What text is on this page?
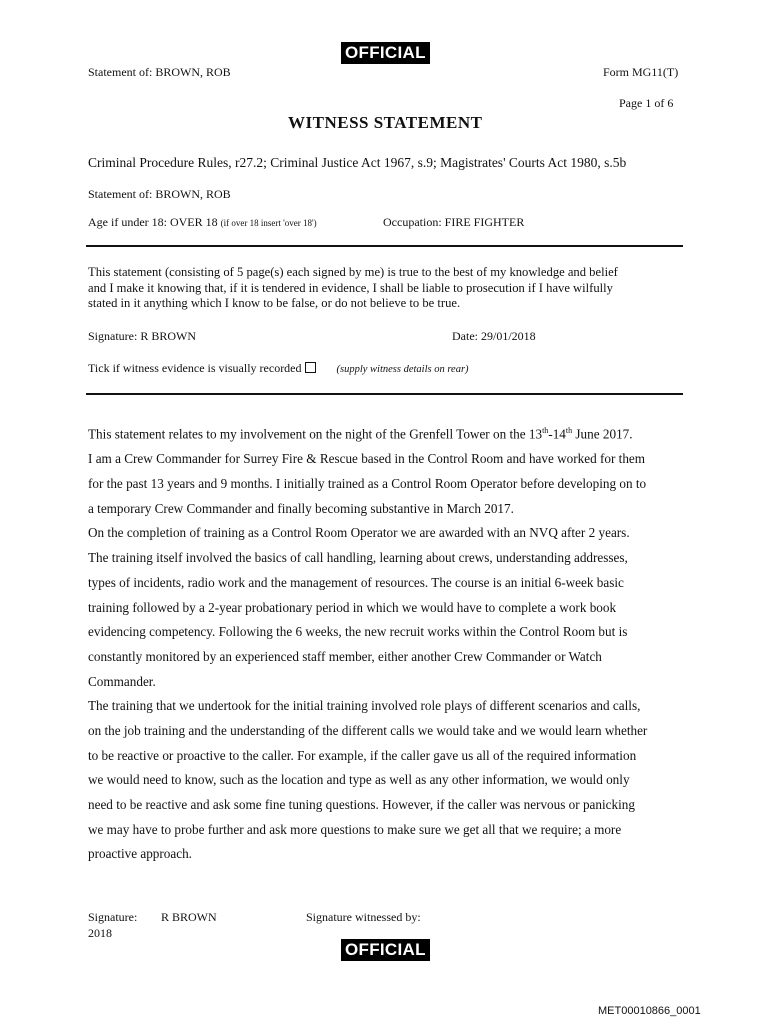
OFFICIAL
Statement of: BROWN, ROB	Form MG11(T)
Page 1 of 6
WITNESS STATEMENT
Criminal Procedure Rules, r27.2; Criminal Justice Act 1967, s.9; Magistrates' Courts Act 1980, s.5b
Statement of: BROWN, ROB
Age if under 18: OVER 18 (if over 18 insert 'over 18')	Occupation: FIRE FIGHTER
This statement (consisting of 5 page(s) each signed by me) is true to the best of my knowledge and belief
and I make it knowing that, if it is tendered in evidence, I shall be liable to prosecution if I have wilfully
stated in it anything which I know to be false, or do not believe to be true.
Signature: R BROWN	Date: 29/01/2018
Tick if witness evidence is visually recorded	(supply witness details on rear)
This statement relates to my involvement on the night of the Grenfell Tower on the 13th-14th June 2017.
I am a Crew Commander for Surrey Fire & Rescue based in the Control Room and have worked for them
for the past 13 years and 9 months. I initially trained as a Control Room Operator before developing on to
a temporary Crew Commander and finally becoming substantive in March 2017.
On the completion of training as a Control Room Operator we are awarded with an NVQ after 2 years.
The training itself involved the basics of call handling, learning about crews, understanding addresses,
types of incidents, radio work and the management of resources. The course is an initial 6-week basic
training followed by a 2-year probationary period in which we would have to complete a work book
evidencing competency. Following the 6 weeks, the new recruit works within the Control Room but is
constantly monitored by an experienced staff member, either another Crew Commander or Watch
Commander.
The training that we undertook for the initial training involved role plays of different scenarios and calls,
on the job training and the understanding of the different calls we would take and we would learn whether
to be reactive or proactive to the caller. For example, if the caller gave us all of the required information
we would need to know, such as the location and type as well as any other information, we would only
need to be reactive and ask some fine tuning questions. However, if the caller was nervous or panicking
we may have to probe further and ask more questions to make sure we get all that we require; a more
proactive approach.
Signature: R BROWN	Signature witnessed by:
2018
OFFICIAL
MET00010866_0001
